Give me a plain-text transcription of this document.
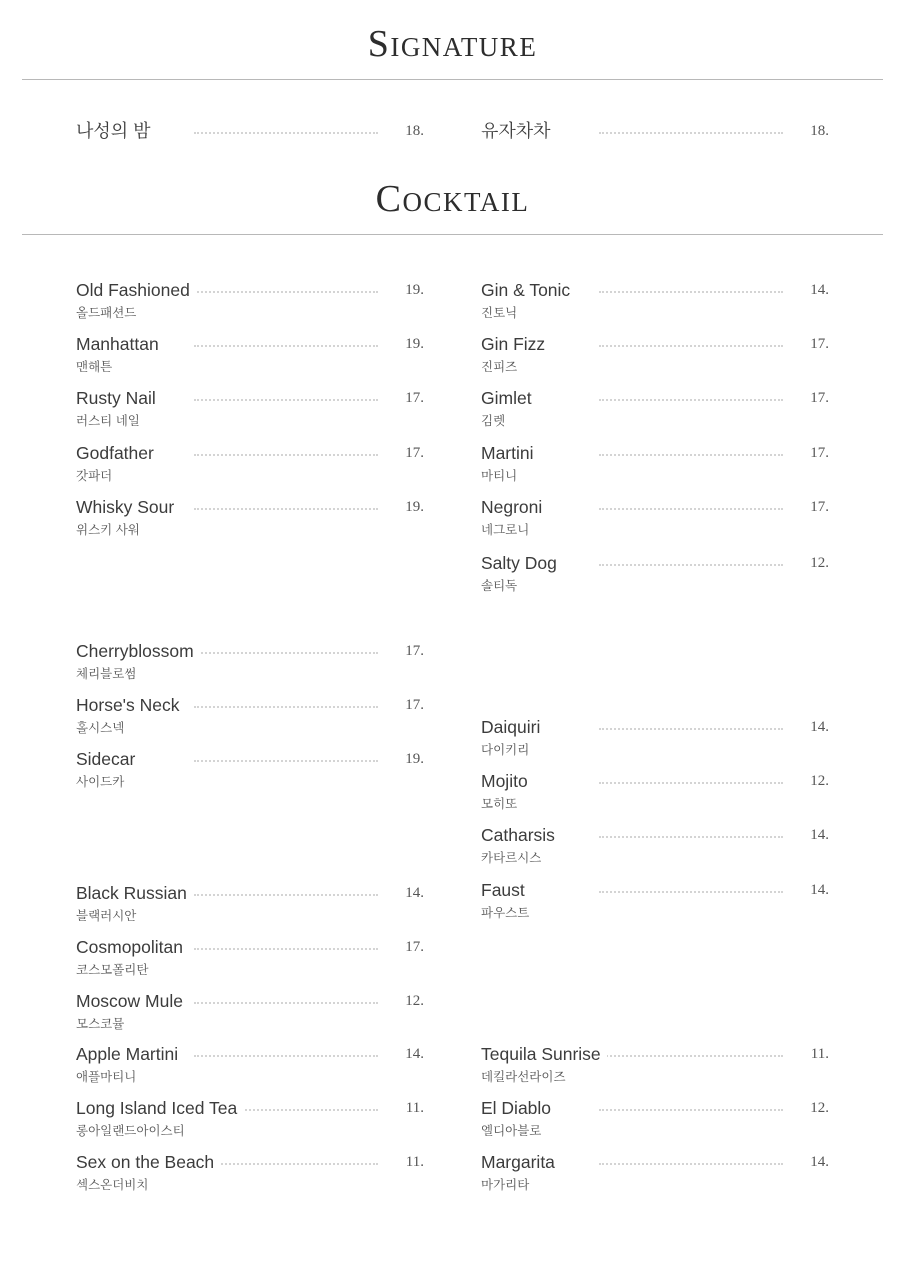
Signature
나성의 밤	18.	유자차차	18.
Cocktail
Old Fashioned	19.
올드패션드
Manhattan	19.
맨해튼
Rusty Nail	17.
러스티 네일
Godfather	17.
갓파더
Whisky Sour	19.
위스키 사워
Cherryblossom	17.
체리블로썸
Horse's Neck	17.
홀시스넥
Sidecar	19.
사이드카
Black Russian	14.
블랙러시안
Cosmopolitan	17.
코스모폴리탄
Moscow Mule	12.
모스코뮬
Apple Martini	14.
애플마티니
Long Island Iced Tea	11.
롱아일랜드아이스티
Sex on the Beach	11.
섹스온더비치
Gin & Tonic	14.
진토닉
Gin Fizz	17.
진피즈
Gimlet	17.
김렛
Martini	17.
마티니
Negroni	17.
네그로니
Salty Dog	12.
솔티독
Daiquiri	14.
다이키리
Mojito	12.
모히또
Catharsis	14.
카타르시스
Faust	14.
파우스트
Tequila Sunrise	11.
데킬라선라이즈
El Diablo	12.
엘디아블로
Margarita	14.
마가리타
